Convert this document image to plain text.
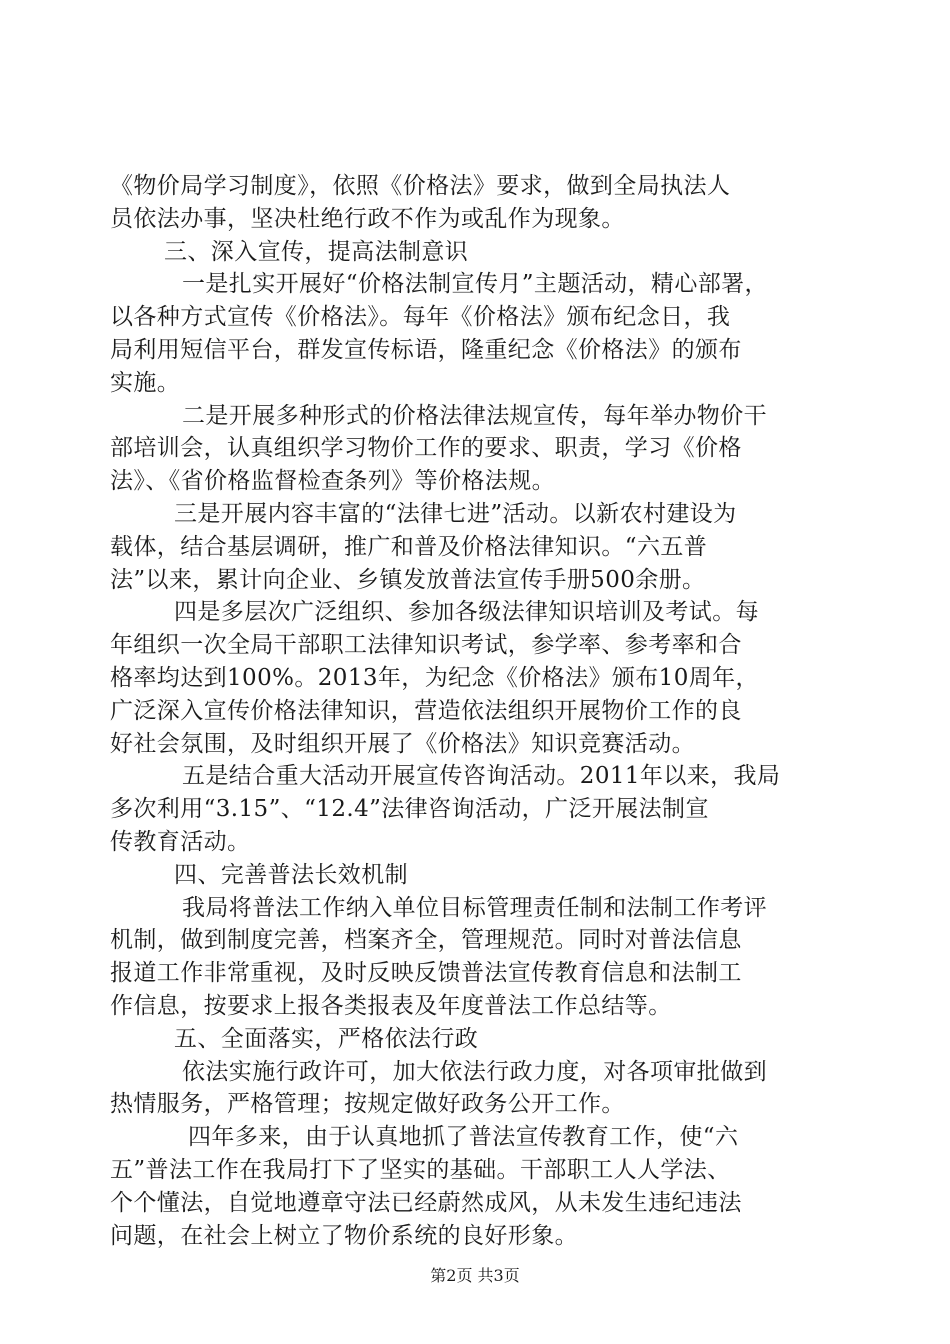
《物价局学习制度》，依照《价格法》要求，做到全局执法人
员依法办事，坚决杜绝行政不作为或乱作为现象。
三、深入宣传，提高法制意识
一是扎实开展好“价格法制宣传月”主题活动，精心部署，
以各种方式宣传《价格法》。每年《价格法》颁布纪念日，我
局利用短信平台，群发宣传标语，隆重纪念《价格法》的颁布
实施。
二是开展多种形式的价格法律法规宣传，每年举办物价干
部培训会，认真组织学习物价工作的要求、职责，学习《价格
法》、《省价格监督检查条列》等价格法规。
三是开展内容丰富的“法律七进”活动。以新农村建设为
载体，结合基层调研，推广和普及价格法律知识。“六五普
法”以来，累计向企业、乡镇发放普法宣传手册500余册。
四是多层次广泛组织、参加各级法律知识培训及考试。每
年组织一次全局干部职工法律知识考试，参学率、参考率和合
格率均达到100%。2013年，为纪念《价格法》颁布10周年，
广泛深入宣传价格法律知识，营造依法组织开展物价工作的良
好社会氛围，及时组织开展了《价格法》知识竞赛活动。
五是结合重大活动开展宣传咨询活动。2011年以来，我局
多次利用“3.15”、“12.4”法律咨询活动，广泛开展法制宣
传教育活动。
四、完善普法长效机制
我局将普法工作纳入单位目标管理责任制和法制工作考评
机制，做到制度完善，档案齐全，管理规范。同时对普法信息
报道工作非常重视，及时反映反馈普法宣传教育信息和法制工
作信息，按要求上报各类报表及年度普法工作总结等。
五、全面落实，严格依法行政
依法实施行政许可，加大依法行政力度，对各项审批做到
热情服务，严格管理；按规定做好政务公开工作。
四年多来，由于认真地抓了普法宣传教育工作，使“六
五”普法工作在我局打下了坚实的基础。干部职工人人学法、
个个懂法，自觉地遵章守法已经蔚然成风，从未发生违纪违法
问题，在社会上树立了物价系统的良好形象。
第2页 共3页
